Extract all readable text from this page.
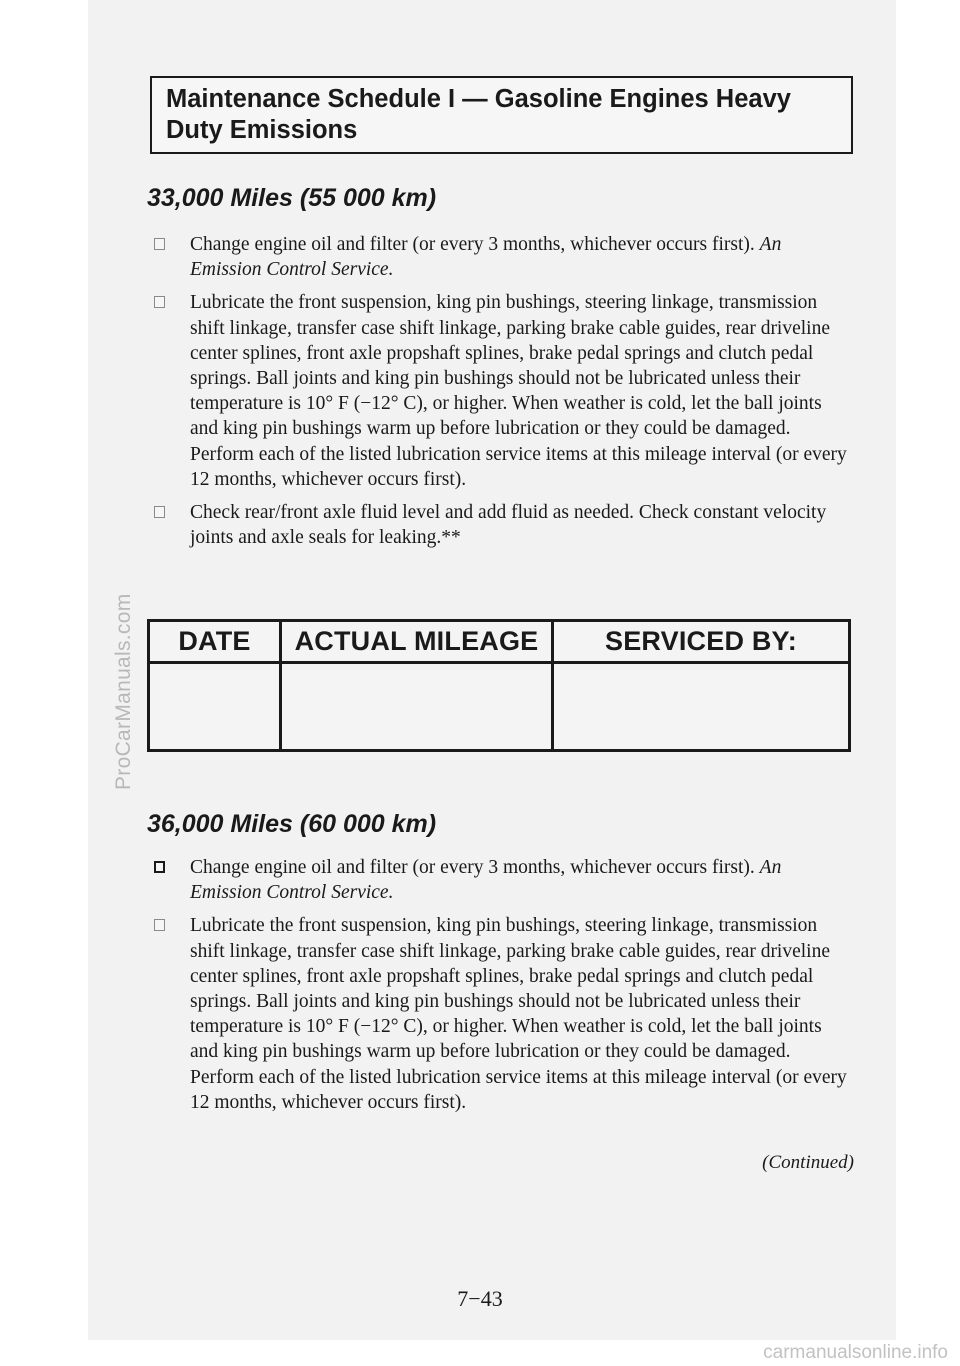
ProCarManuals.com
Maintenance Schedule I — Gasoline Engines Heavy Duty Emissions
33,000 Miles (55 000 km)
Change engine oil and filter (or every 3 months, whichever occurs first). An Emission Control Service.
Lubricate the front suspension, king pin bushings, steering linkage, transmission shift linkage, transfer case shift linkage, parking brake cable guides, rear driveline center splines, front axle propshaft splines, brake pedal springs and clutch pedal springs. Ball joints and king pin bushings should not be lubricated unless their temperature is 10° F (−12° C), or higher. When weather is cold, let the ball joints and king pin bushings warm up before lubrication or they could be damaged. Perform each of the listed lubrication service items at this mileage interval (or every 12 months, whichever occurs first).
Check rear/front axle fluid level and add fluid as needed. Check constant velocity joints and axle seals for leaking.**
DATE	ACTUAL MILEAGE	SERVICED BY:

36,000 Miles (60 000 km)
Change engine oil and filter (or every 3 months, whichever occurs first). An Emission Control Service.
Lubricate the front suspension, king pin bushings, steering linkage, transmission shift linkage, transfer case shift linkage, parking brake cable guides, rear driveline center splines, front axle propshaft splines, brake pedal springs and clutch pedal springs. Ball joints and king pin bushings should not be lubricated unless their temperature is 10° F (−12° C), or higher. When weather is cold, let the ball joints and king pin bushings warm up before lubrication or they could be damaged. Perform each of the listed lubrication service items at this mileage interval (or every 12 months, whichever occurs first).
(Continued)
7−43
carmanualsonline.info
